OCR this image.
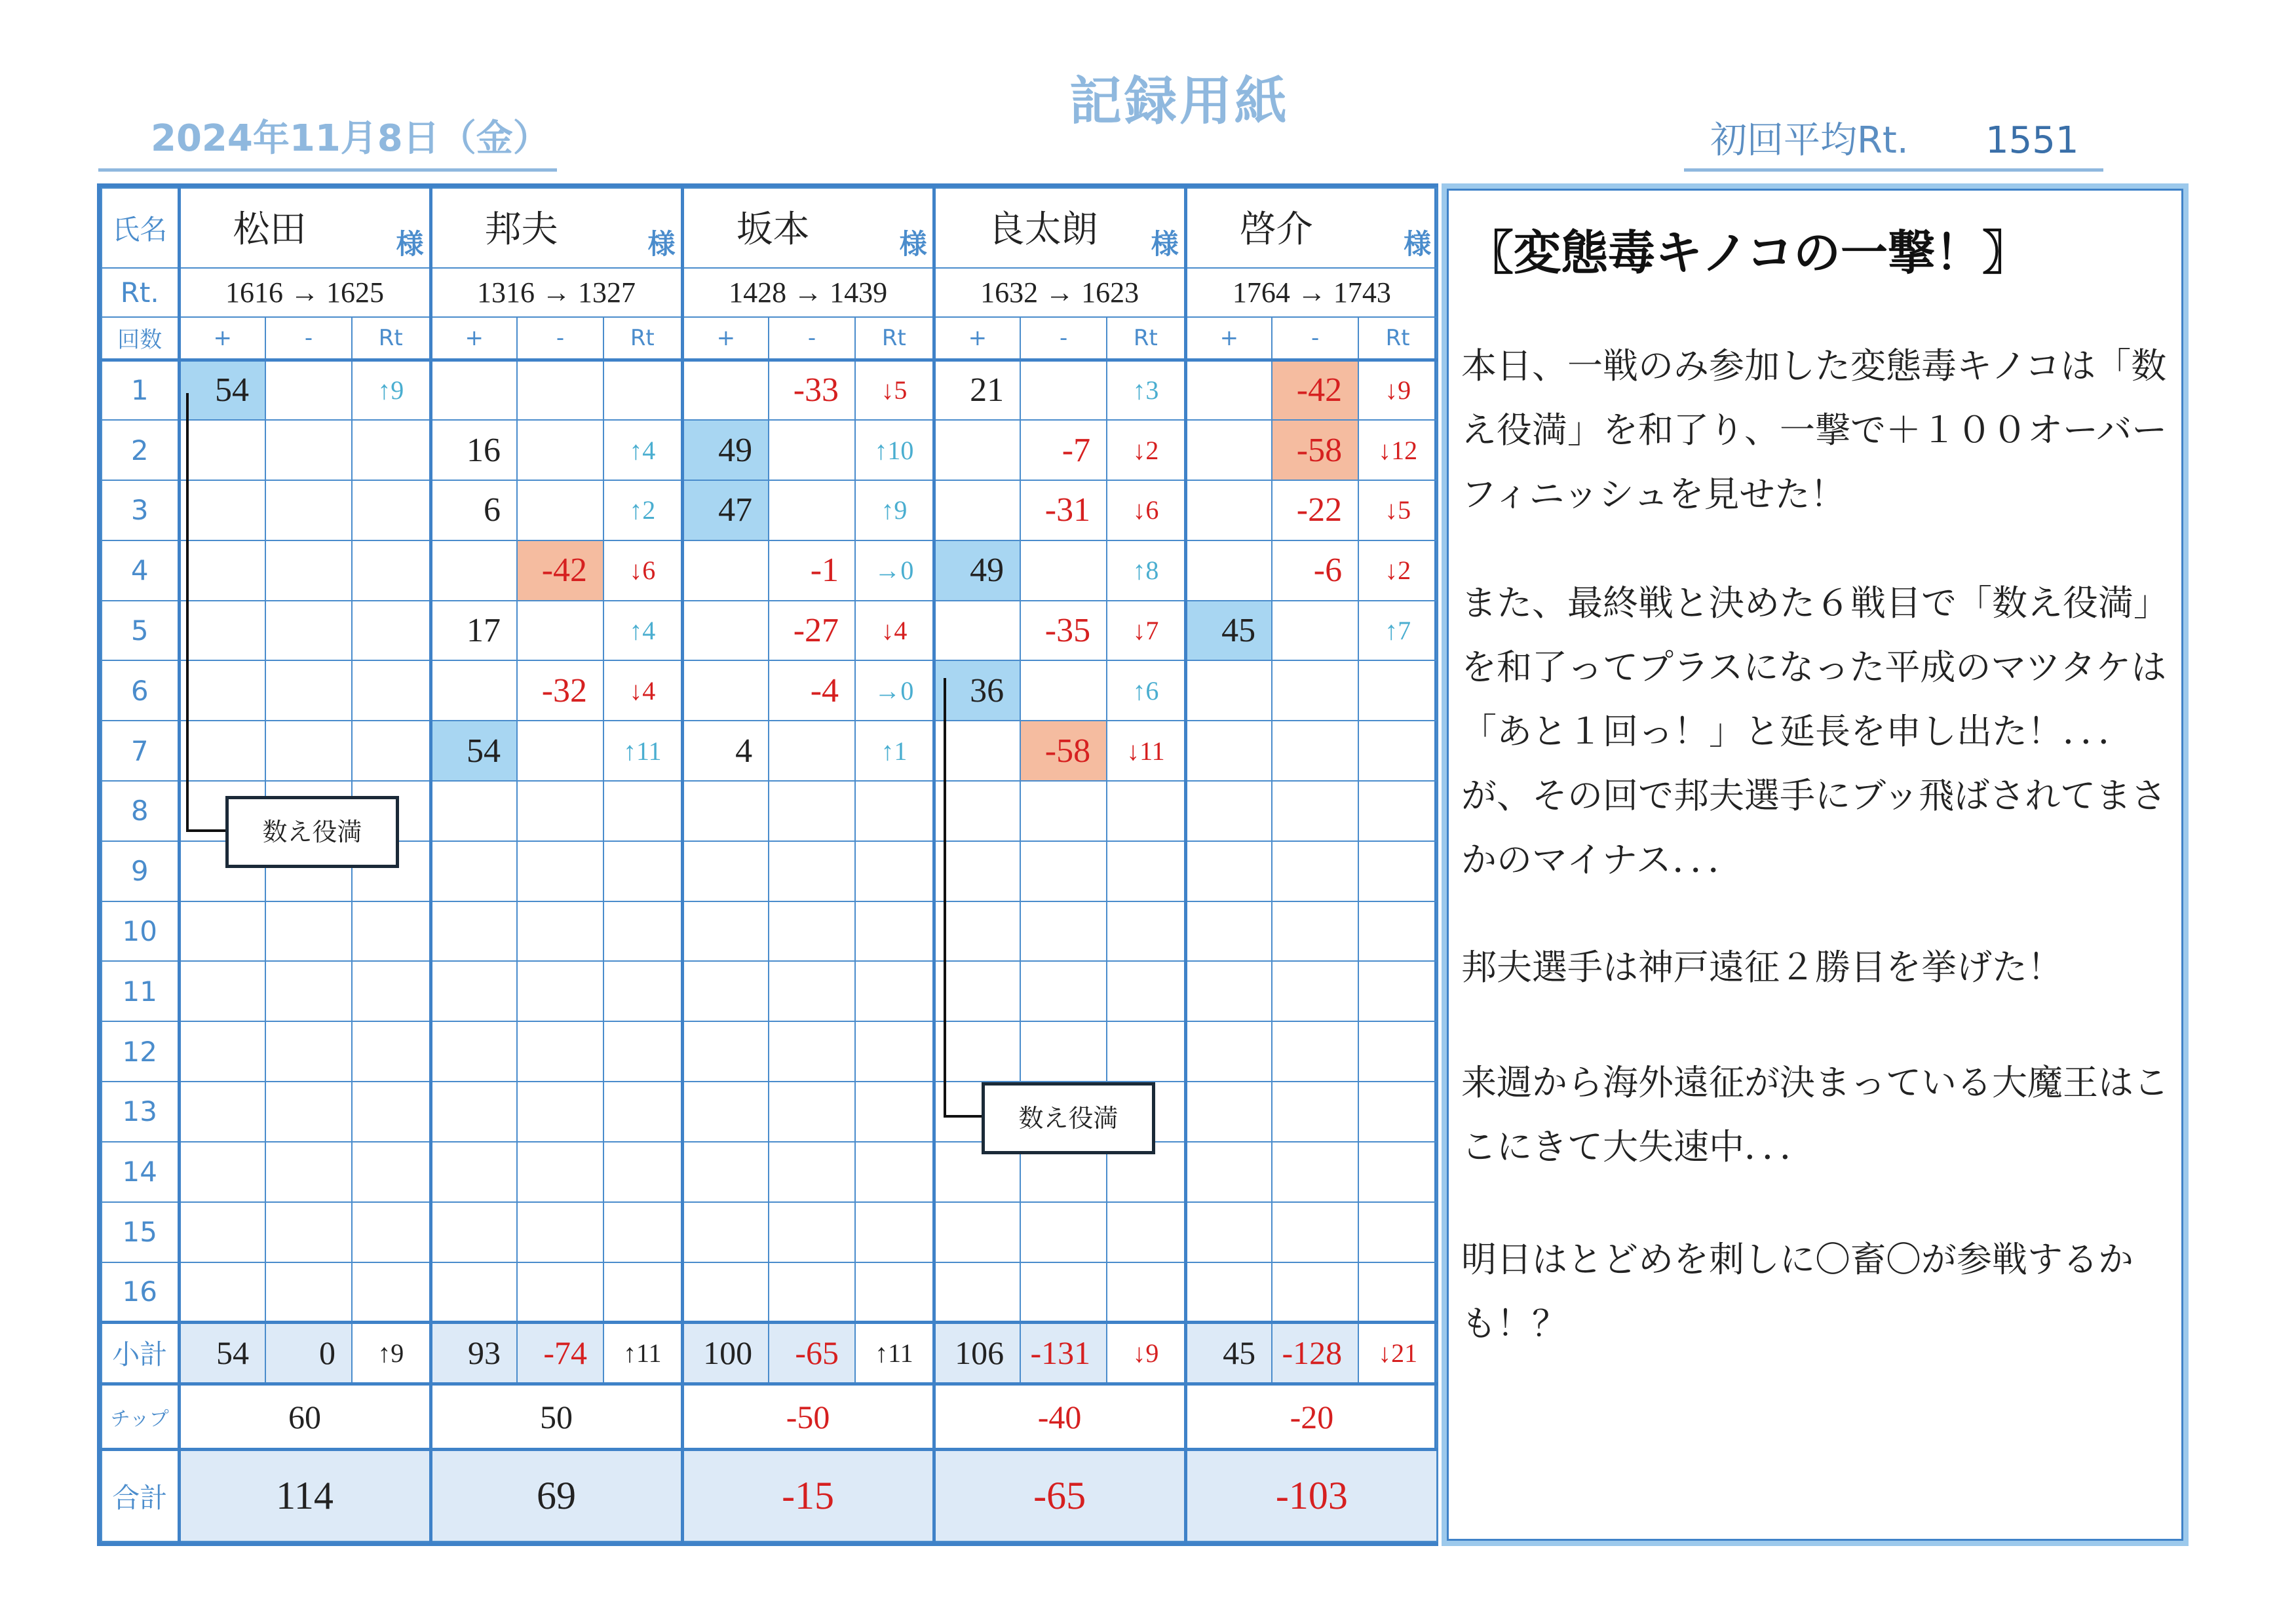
記録用紙
2024年11月8日（金）	初回平均Rt. 1551
氏名	松田 様			邦夫 様			坂本 様			良太朗 様			啓介 様		

Rt.	1616 → 1625			1316 → 1327			1428 → 1439			1632 → 1623			1764 → 1743		
回数	+	-	Rt	+	-	Rt	+	-	Rt	+	-	Rt	+	-	Rt
1	54		↑9					-33	↓5	21		↑3		-42	↓9
2				16		↑4	49		↑10		-7	↓2		-58	↓12
3				6		↑2	47		↑9		-31	↓6		-22	↓5
4					-42	↓6		-1	→0	49		↑8		-6	↓2
5				17		↑4		-27	↓4		-35	↓7	45		↑7
6					-32	↓4		-4	→0	36		↑6			
7				54		↑11	4		↑1		-58	↓11			
8															
9															
10															
11															
12															
13															
14															
15															
16															
小計	54	0	↑9	93	-74	↑11	100	-65	↑11	106	-131	↓9	45	-128	↓21
チップ	60			50			-50			-40			-20		
合計	114			69			-15			-65			-103		
数え役満
数え役満
〖変態毒キノコの一撃！〗
本日、一戦のみ参加した変態毒キノコは「数え役満」を和了り、一撃で＋１００オーバーフィニッシュを見せた！
また、最終戦と決めた６戦目で「数え役満」を和了ってプラスになった平成のマツタケは「あと１回っ！」と延長を申し出た！．．．が、その回で邦夫選手にブッ飛ばされてまさかのマイナス．．．
邦夫選手は神戸遠征２勝目を挙げた！
来週から海外遠征が決まっている大魔王はここにきて大失速中．．．
明日はとどめを刺しに〇畜〇が参戦するかも！？
